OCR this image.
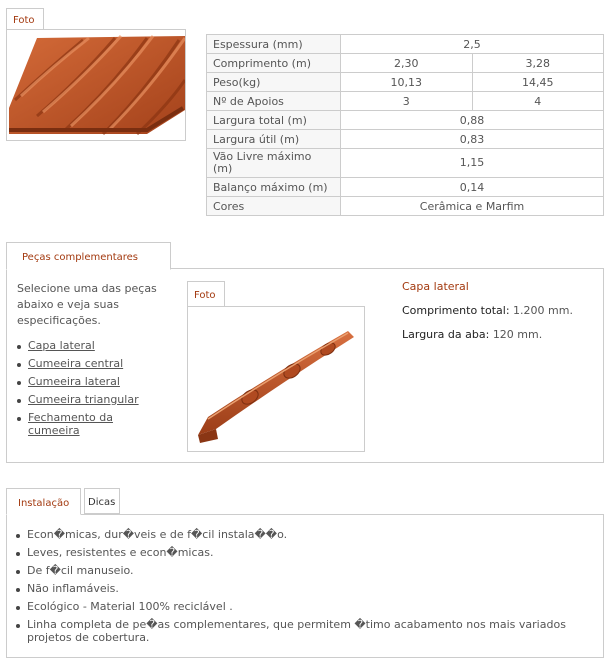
Foto
Espessura (mm)	2,5	
Comprimento (m)	2,30	3,28
Peso(kg)	10,13	14,45
Nº de Apoios	3	4
Largura total (m)	0,88	
Largura útil (m)	0,83	
Vão Livre máximo (m)	1,15	
Balanço máximo (m)	0,14	
Cores	Cerâmica e Marfim	
Peças complementares
Selecione uma das peças abaixo e veja suas especificações.
Capa lateral
Cumeeira central
Cumeeira lateral
Cumeeira triangular
Fechamento da cumeeira
Foto
Capa lateral
Comprimento total: 1.200 mm.
Largura da aba: 120 mm.
Instalação	Dicas
Econ�micas, dur�veis e de f�cil instala��o.
Leves, resistentes e econ�micas.
De f�cil manuseio.
Não inflamáveis.
Ecológico - Material 100% reciclável .
Linha completa de pe�as complementares, que permitem �timo acabamento nos mais variados projetos de cobertura.
